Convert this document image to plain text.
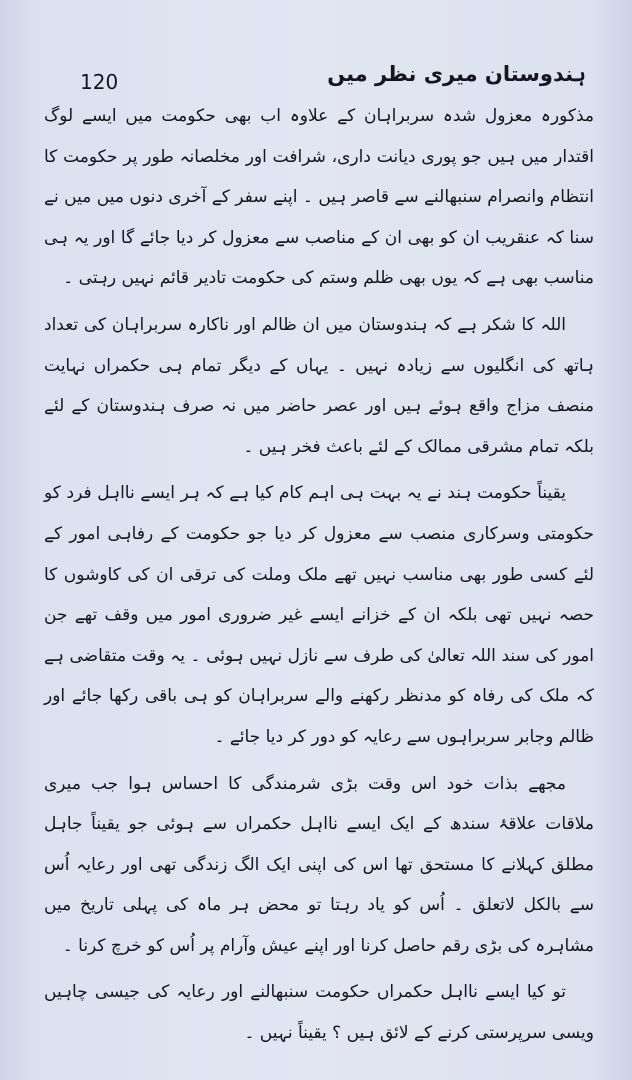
120	ہندوستان میری نظر میں

مذکورہ معزول شدہ سربراہان کے علاوہ اب بھی حکومت میں ایسے لوگ اقتدار میں ہیں جو پوری دیانت داری، شرافت اور مخلصانہ طور پر حکومت کا انتظام وانصرام سنبھالنے سے قاصر ہیں ۔ اپنے سفر کے آخری دنوں میں میں نے سنا کہ عنقریب ان کو بھی ان کے مناصب سے معزول کر دیا جائے گا اور یہ ہی مناسب بھی ہے کہ یوں بھی ظلم وستم کی حکومت تادیر قائم نہیں رہتی ۔

اللہ کا شکر ہے کہ ہندوستان میں ان ظالم اور ناکارہ سربراہان کی تعداد ہاتھ کی انگلیوں سے زیادہ نہیں ۔ یہاں کے دیگر تمام ہی حکمراں نہایت منصف مزاج واقع ہوئے ہیں اور عصر حاضر میں نہ صرف ہندوستان کے لئے بلکہ تمام مشرقی ممالک کے لئے باعث فخر ہیں ۔

یقیناً حکومت ہند نے یہ بہت ہی اہم کام کیا ہے کہ ہر ایسے نااہل فرد کو حکومتی وسرکاری منصب سے معزول کر دیا جو حکومت کے رفاہی امور کے لئے کسی طور بھی مناسب نہیں تھے ملک وملت کی ترقی ان کی کاوشوں کا حصہ نہیں تھی بلکہ ان کے خزانے ایسے غیر ضروری امور میں وقف تھے جن امور کی سند اللہ تعالیٰ کی طرف سے نازل نہیں ہوئی ۔ یہ وقت متقاضی ہے کہ ملک کی رفاہ کو مدنظر رکھنے والے سربراہان کو ہی باقی رکھا جائے اور ظالم وجابر سربراہوں سے رعایہ کو دور کر دیا جائے ۔

مجھے بذات خود اس وقت بڑی شرمندگی کا احساس ہوا جب میری ملاقات علاقۂ سندھ کے ایک ایسے نااہل حکمراں سے ہوئی جو یقیناً جاہل مطلق کہلانے کا مستحق تھا اس کی اپنی ایک الگ زندگی تھی اور رعایہ اُس سے بالکل لاتعلق ۔ اُس کو یاد رہتا تو محض ہر ماہ کی پہلی تاریخ میں مشاہرہ کی بڑی رقم حاصل کرنا اور اپنے عیش وآرام پر اُس کو خرچ کرنا ۔

تو کیا ایسے نااہل حکمراں حکومت سنبھالنے اور رعایہ کی جیسی چاہیں ویسی سرپرستی کرنے کے لائق ہیں ؟ یقیناً نہیں ۔
